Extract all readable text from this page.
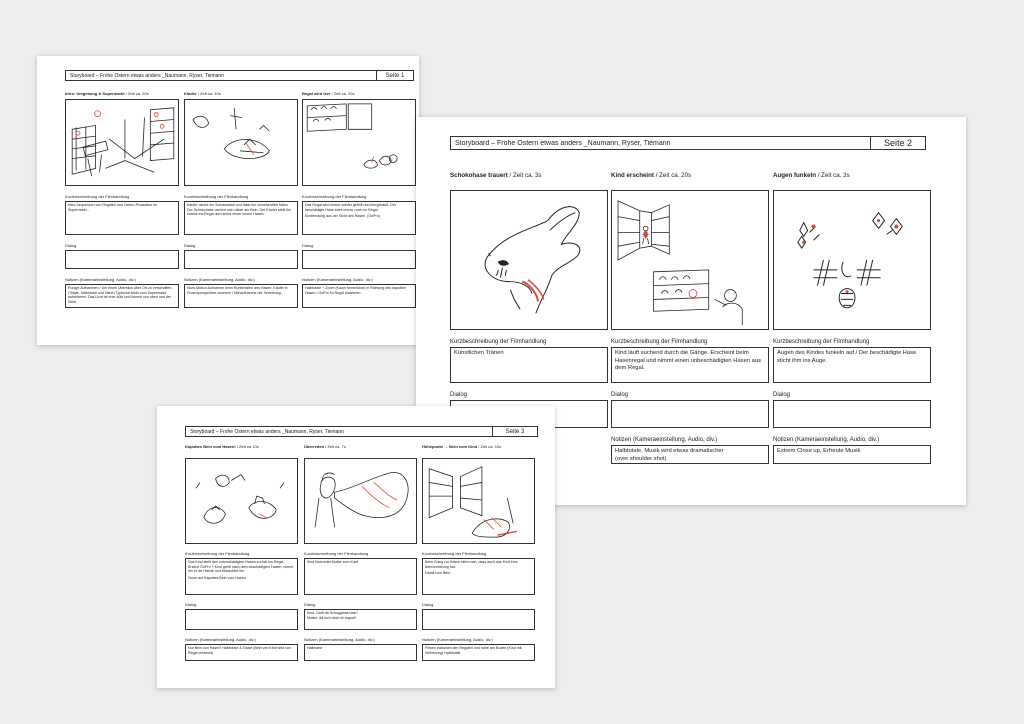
Storyboard – Frohe Ostern etwas anders _Naumann, Ryser, Tiemann	Seite 1
Intro: Umgebung & Supermarkt / Zeit ca. 20s
Kurzbeschreibung der Filmhandlung
Intro-Sequenzen von Regalen und Ostern-Produkten im Supermarkt…
Dialog
Notizen (Kameraeinstellung, Audio, div.)
Ruhige Aufnahmen / Um einen Überblick über Ort zu verschaffen. (Totale, Halbtotale und Nahe) Typische Ambi vom Supermarkt aufnehmen. Das Licht ist eher kühl und kommt von oben und der Seite.
Käufer / Zeit ca. 10s
Kurzbeschreibung der Filmhandlung
Käufer nimmt ein Schokohase und lässt ihn versehentlich fallen. Der Schokohase verletzt sich dabei am Bein. Der Käufer stellt ihn zurück ins Regal und nimmt einen neuen Hasen.
Dialog
Notizen (Kameraeinstellung, Audio, div.)
Slow-Motion Aufnahme beim Runterfallen des Hasen. Käufer in Froschperspektive zusehen / Nahaufnahme der Verletzung.
Regal wird leer / Zeit ca. 20s
Kurzbeschreibung der Filmhandlung
Das Regal wird immer wieder gefüllt und leergekauft. Der beschädigte Hase steht immer noch im Regal.
Einblendung aus der Sicht des Hasen. (GoPro)
Dialog
Notizen (Kameraeinstellung, Audio, div.)
Halbtotale + Zoom (Kaum bemerkbar) in Richtung des kaputten Hasen / GoPro im Regal platzieren
Storyboard – Frohe Ostern etwas anders _Naumann, Ryser, Tiemann	Seite 2
Schokohase trauert / Zeit ca. 3s
Kurzbeschreibung der Filmhandlung
Künstlichen Tränen
Dialog
Kind erscheint / Zeit ca. 20s
Kurzbeschreibung der Filmhandlung
Kind läuft suchend durch die Gänge. Erscheint beim Hasenregal und nimmt einen unbeschädigten Hasen aus dem Regal.
Dialog
Notizen (Kameraeinstellung, Audio, div.)
Halbtotale, Musik wird etwas dramatischer
(over shoulder shot)
Augen funkeln / Zeit ca. 3s
Kurzbeschreibung der Filmhandlung
Augen des Kindes funkeln auf / Der beschädigte Hase sticht ihm ins Auge.
Dialog
Notizen (Kameraeinstellung, Audio, div.)
Extrem Close up, Erfreute Musik
Storyboard – Frohe Ostern etwas anders _Naumann, Ryser, Tiemann	Seite 3
Kaputtes Bein vom Hasen! / Zeit ca 10s
Kurzbeschreibung der Filmhandlung
Das Kind stellt den unbeschädigten Hasen zurück ins Regal. Ersetzt GoPro + Kind greift nach dem beschädigten Hasen, nimmt ihn in die Hände und betrachtet ihn.
Zoom auf Kaputtes Bein vom Hasen.
Dialog
Notizen (Kameraeinstellung, Audio, div.)
Nur Bein von Hase!!! Halbtotale & Totale (Bein von Kind wird von Regal verdeckt)
Überreden / Zeit ca. 7s
Kurzbeschreibung der Filmhandlung
Kind überredet Mutter zum Kauf
Dialog
Kind: Darfi dä Schoggihas hasi?
Mutter: dä isch doch eh kaputt!
Notizen (Kameraeinstellung, Audio, div.)
Halbnahe
Höhepunkt → Bein vom Kind / Zeit ca. 10s
Kurzbeschreibung der Filmhandlung
Beim Gang zur Kasse sieht man, dass auch das Kind eine Beinverletzung hat.
Detail vom Bein.
Dialog
Notizen (Kameraeinstellung, Audio, div.)
Filmen zwischen den Regalen und nahe am Boden (Kind mit Verletzung) Halbtotale
